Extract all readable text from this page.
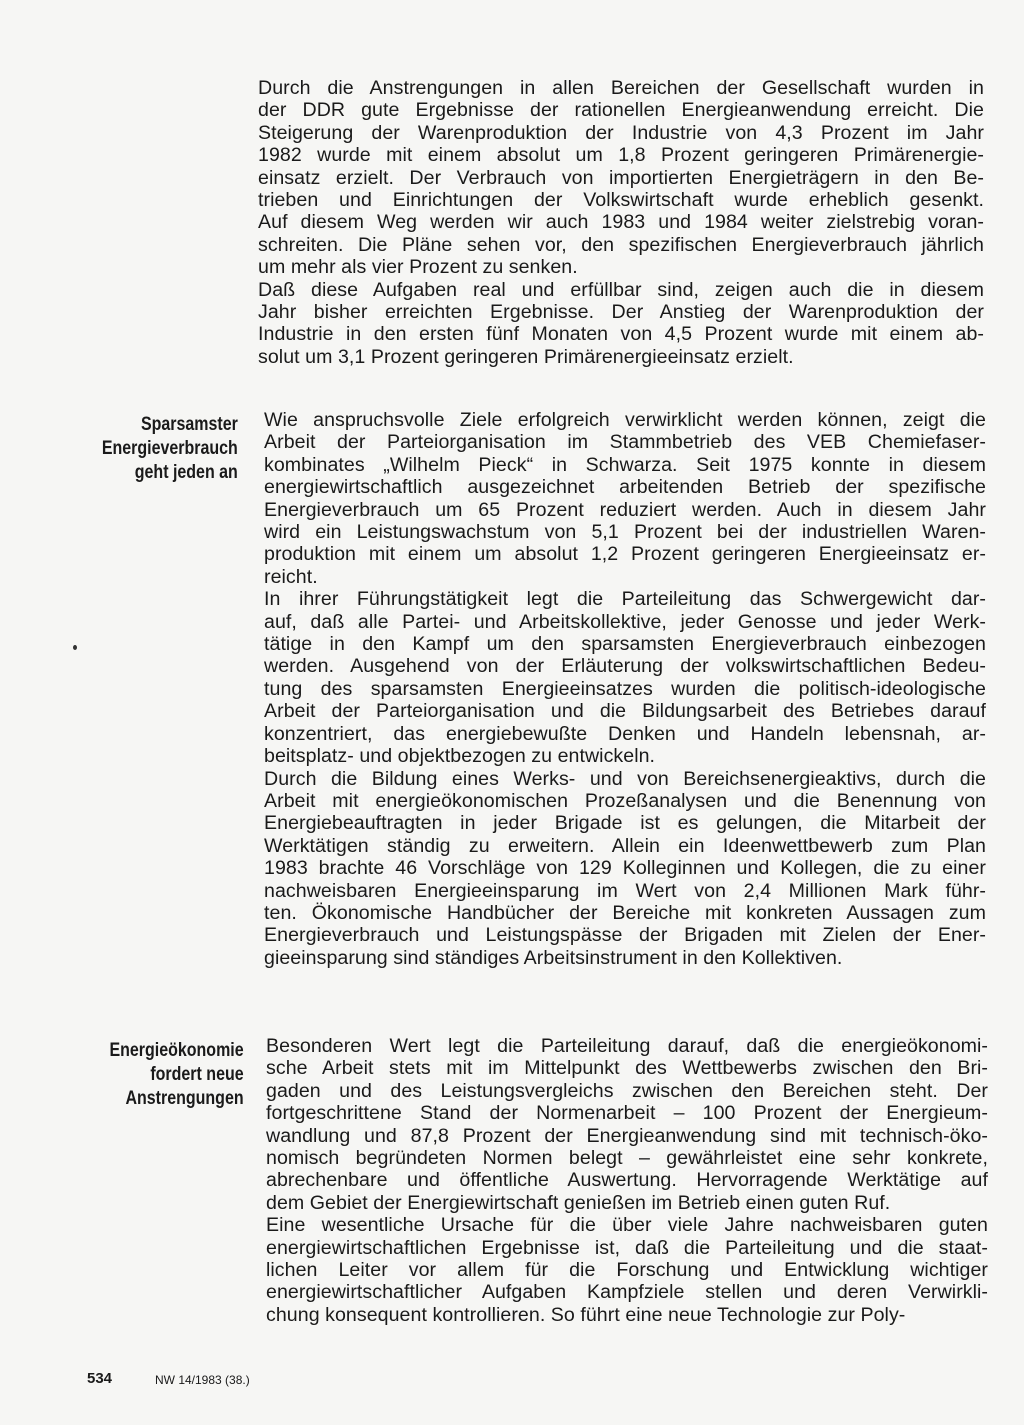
Durch die Anstrengungen in allen Bereichen der Gesellschaft wurden in
der DDR gute Ergebnisse der rationellen Energieanwendung erreicht. Die
Steigerung der Warenproduktion der Industrie von 4,3 Prozent im Jahr
1982 wurde mit einem absolut um 1,8 Prozent geringeren Primärenergie-
einsatz erzielt. Der Verbrauch von importierten Energieträgern in den Be-
trieben und Einrichtungen der Volkswirtschaft wurde erheblich gesenkt.
Auf diesem Weg werden wir auch 1983 und 1984 weiter zielstrebig voran-
schreiten. Die Pläne sehen vor, den spezifischen Energieverbrauch jährlich
um mehr als vier Prozent zu senken.
Daß diese Aufgaben real und erfüllbar sind, zeigen auch die in diesem
Jahr bisher erreichten Ergebnisse. Der Anstieg der Warenproduktion der
Industrie in den ersten fünf Monaten von 4,5 Prozent wurde mit einem ab-
solut um 3,1 Prozent geringeren Primärenergieeinsatz erzielt.
Sparsamster
Energieverbrauch
geht jeden an
Wie anspruchsvolle Ziele erfolgreich verwirklicht werden können, zeigt die
Arbeit der Parteiorganisation im Stammbetrieb des VEB Chemiefaser-
kombinates „Wilhelm Pieck“ in Schwarza. Seit 1975 konnte in diesem
energiewirtschaftlich ausgezeichnet arbeitenden Betrieb der spezifische
Energieverbrauch um 65 Prozent reduziert werden. Auch in diesem Jahr
wird ein Leistungswachstum von 5,1 Prozent bei der industriellen Waren-
produktion mit einem um absolut 1,2 Prozent geringeren Energieeinsatz er-
reicht.
In ihrer Führungstätigkeit legt die Parteileitung das Schwergewicht dar-
auf, daß alle Partei- und Arbeitskollektive, jeder Genosse und jeder Werk-
tätige in den Kampf um den sparsamsten Energieverbrauch einbezogen
werden. Ausgehend von der Erläuterung der volkswirtschaftlichen Bedeu-
tung des sparsamsten Energieeinsatzes wurden die politisch-ideologische
Arbeit der Parteiorganisation und die Bildungsarbeit des Betriebes darauf
konzentriert, das energiebewußte Denken und Handeln lebensnah, ar-
beitsplatz- und objektbezogen zu entwickeln.
Durch die Bildung eines Werks- und von Bereichsenergieaktivs, durch die
Arbeit mit energieökonomischen Prozeßanalysen und die Benennung von
Energiebeauftragten in jeder Brigade ist es gelungen, die Mitarbeit der
Werktätigen ständig zu erweitern. Allein ein Ideenwettbewerb zum Plan
1983 brachte 46 Vorschläge von 129 Kolleginnen und Kollegen, die zu einer
nachweisbaren Energieeinsparung im Wert von 2,4 Millionen Mark führ-
ten. Ökonomische Handbücher der Bereiche mit konkreten Aussagen zum
Energieverbrauch und Leistungspässe der Brigaden mit Zielen der Ener-
gieeinsparung sind ständiges Arbeitsinstrument in den Kollektiven.
Energieökonomie
fordert neue
Anstrengungen
Besonderen Wert legt die Parteileitung darauf, daß die energieökonomi-
sche Arbeit stets mit im Mittelpunkt des Wettbewerbs zwischen den Bri-
gaden und des Leistungsvergleichs zwischen den Bereichen steht. Der
fortgeschrittene Stand der Normenarbeit – 100 Prozent der Energieum-
wandlung und 87,8 Prozent der Energieanwendung sind mit technisch-öko-
nomisch begründeten Normen belegt – gewährleistet eine sehr konkrete,
abrechenbare und öffentliche Auswertung. Hervorragende Werktätige auf
dem Gebiet der Energiewirtschaft genießen im Betrieb einen guten Ruf.
Eine wesentliche Ursache für die über viele Jahre nachweisbaren guten
energiewirtschaftlichen Ergebnisse ist, daß die Parteileitung und die staat-
lichen Leiter vor allem für die Forschung und Entwicklung wichtiger
energiewirtschaftlicher Aufgaben Kampfziele stellen und deren Verwirkli-
chung konsequent kontrollieren. So führt eine neue Technologie zur Poly-
534	NW 14/1983 (38.)
